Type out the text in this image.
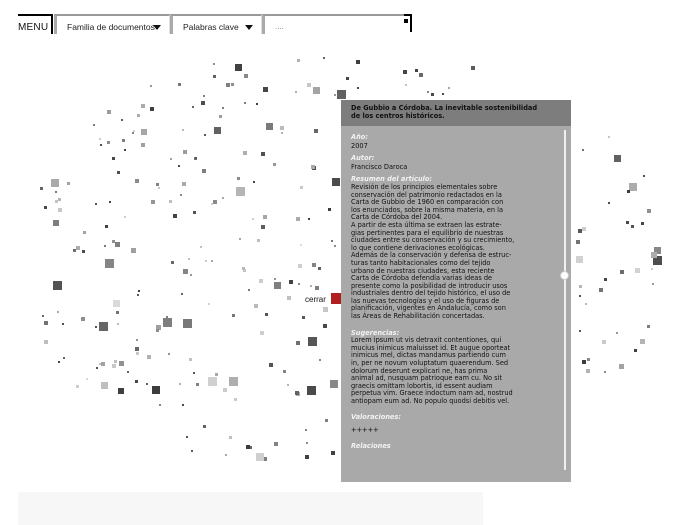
MENU	Familia de documentos	Palabras clave	....
cerrar
De Gubbio a Córdoba. La inevitable sostenibilidad
de los centros históricos.
Año:
2007
Autor:
Francisco Daroca
Resumen del artículo:
Revisión de los principios elementales sobre
conservación del patrimonio redactados en la
Carta de Gubbio de 1960 en comparación con
los enunciados, sobre la misma materia, en la
Carta de Córdoba del 2004.
A partir de esta última se extraen las estrate-
gias pertinentes para el equilibrio de nuestras
ciudades entre su conservación y su crecimiento,
lo que contiene derivaciones ecológicas.
Además de la conservación y defensa de estruc-
turas tanto habitacionales como del tejido
urbano de nuestras ciudades, esta reciente
Carta de Córdoba defendía varias ideas de
presente como la posibilidad de introducir usos
industriales dentro del tejido histórico, el uso de
las nuevas tecnologías y el uso de figuras de
planificación, vigentes en Andalucía, como son
las Áreas de Rehabilitación concertadas.
Sugerencias:
Lorem ipsum ut vis detraxit contentiones, qui
mucius inimicus maluisset id. Et augue oporteat
inimicus mel, dictas mandamus partiendo cum
in, per ne novum voluptatum quaerendum. Sed
dolorum deserunt explicari ne, has prima
animal ad, nusquam patrioque eam cu. No sit
graecis omittam lobortis, id essent audiam
perpetua vim. Graece indoctum nam ad, nostrud
antiopam eum ad. No populo quodsi debitis vel.
Valoraciones:
+++++
Relaciones
